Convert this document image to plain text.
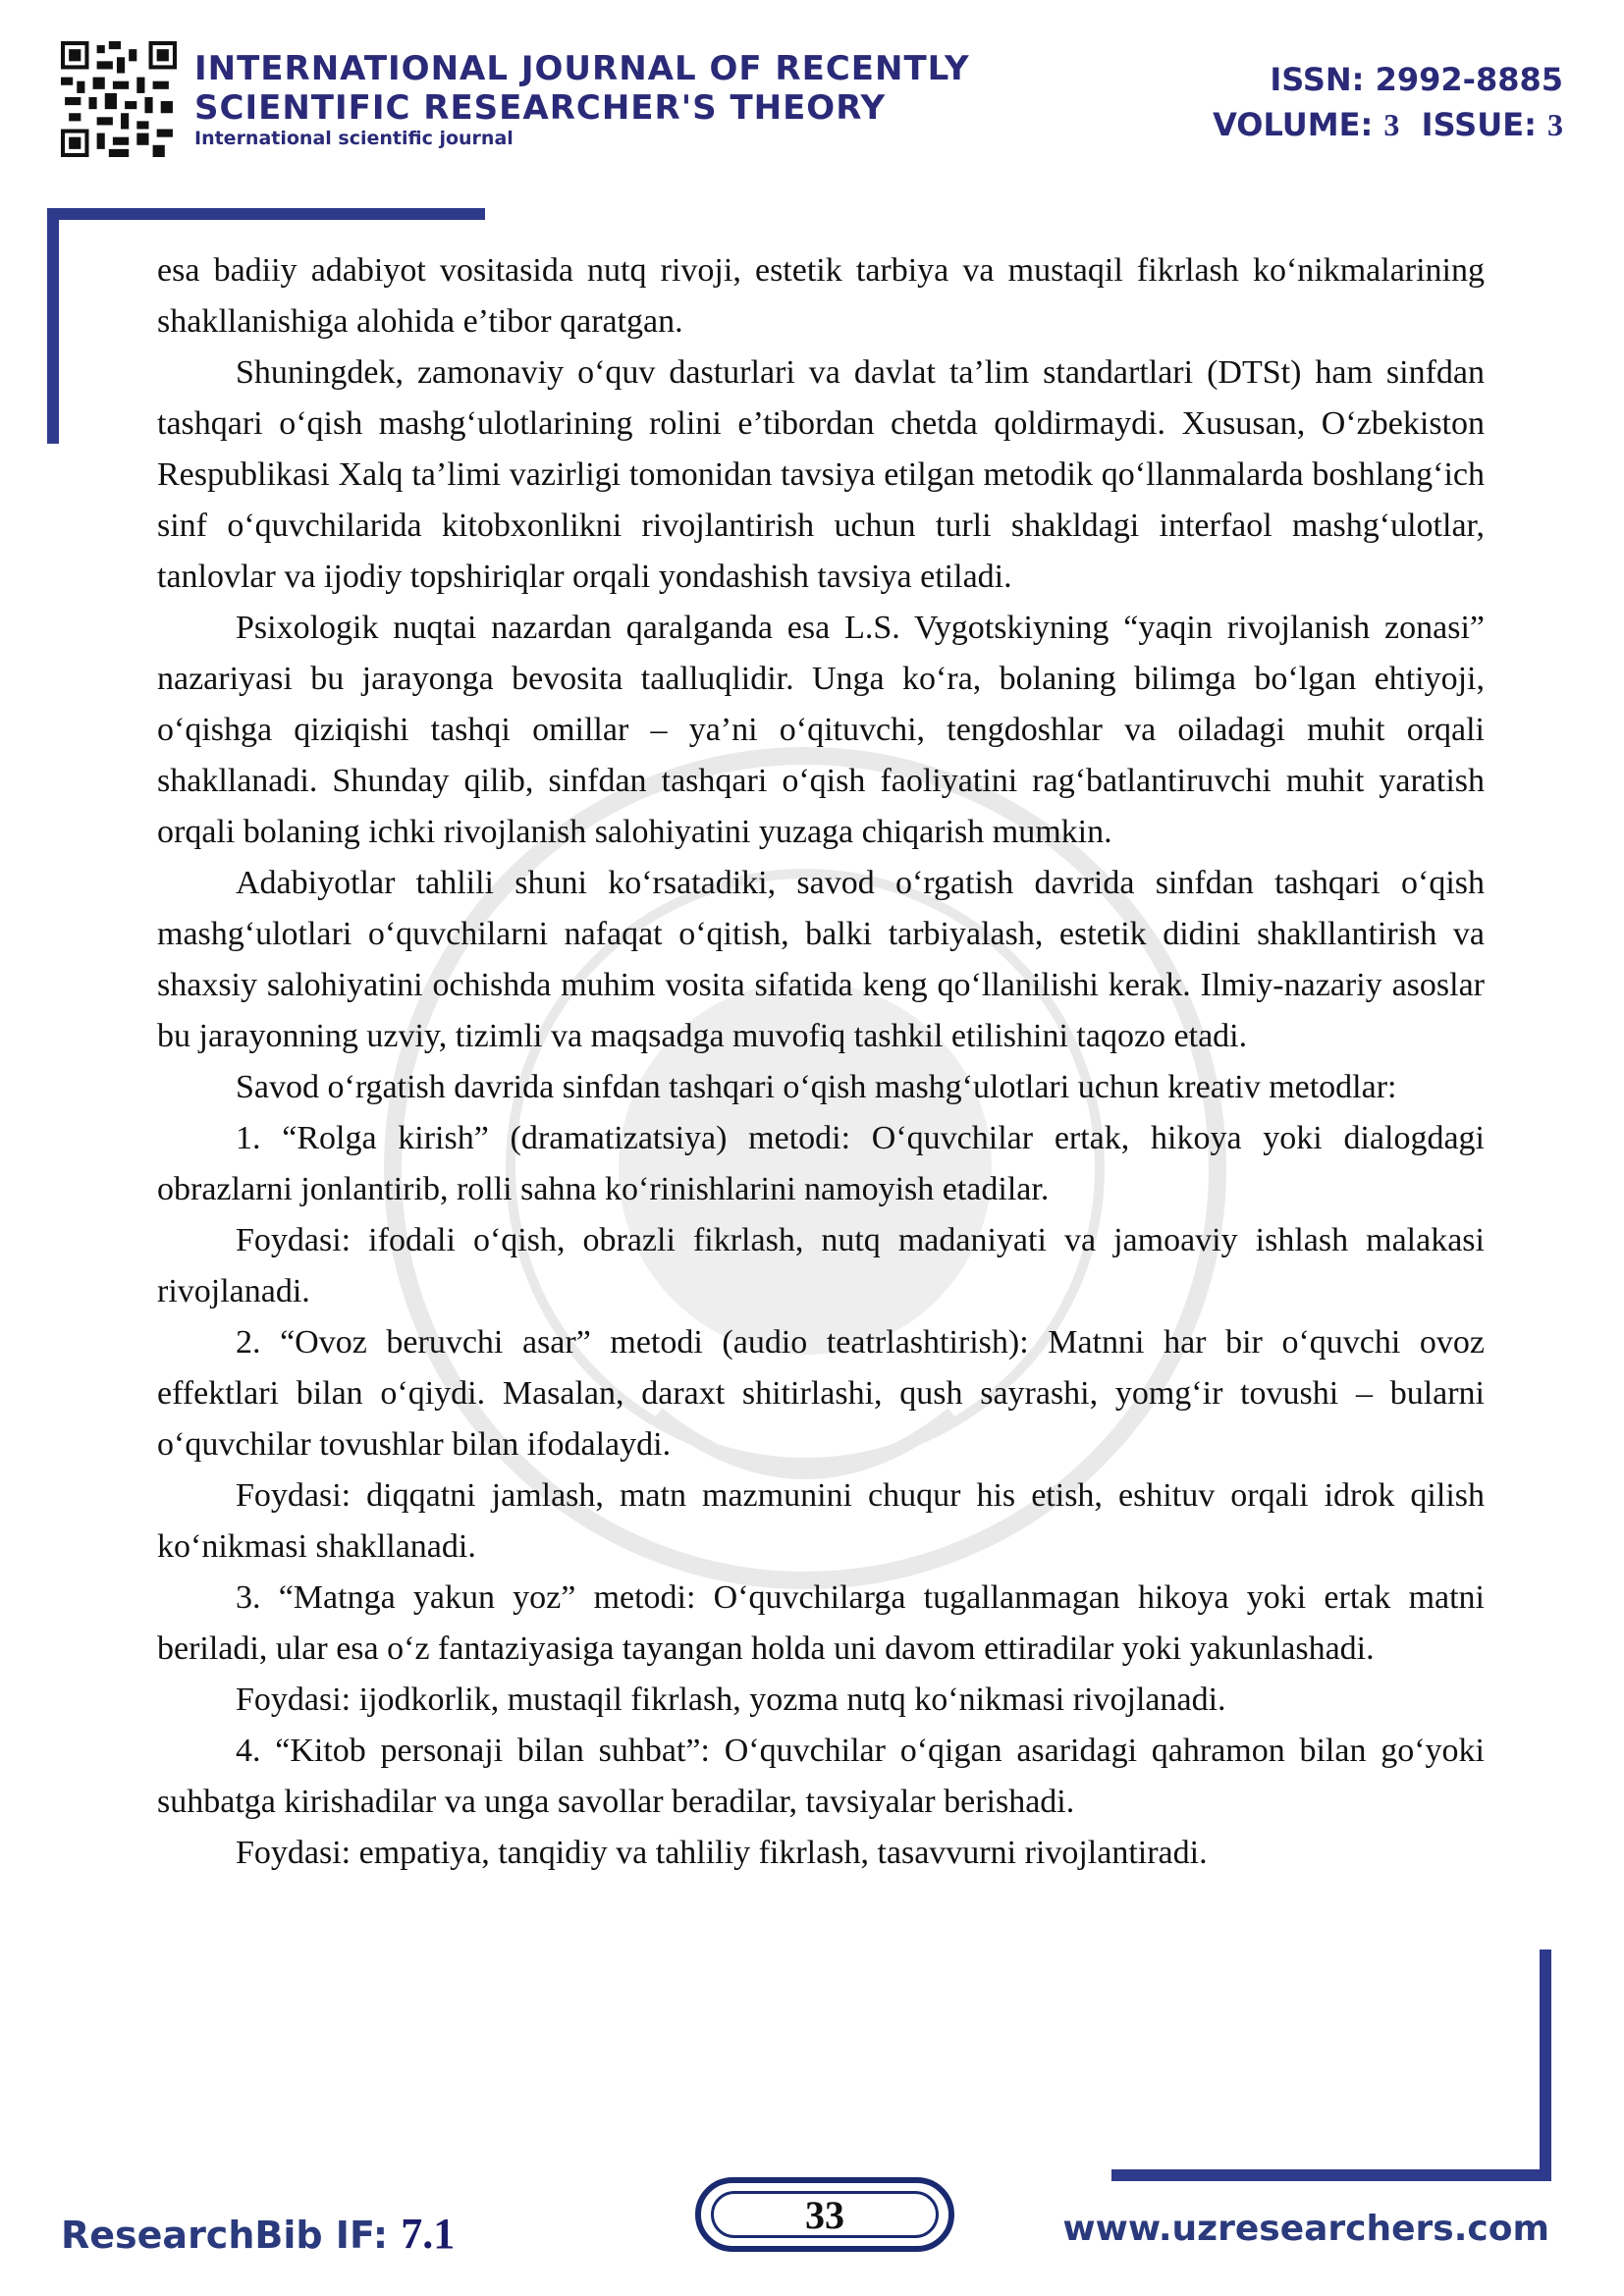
INTERNATIONAL JOURNAL OF RECENTLY
SCIENTIFIC RESEARCHER'S THEORY
International scientific journal
ISSN: 2992-8885
VOLUME: 3 ISSUE: 3

esa badiiy adabiyot vositasida nutq rivoji, estetik tarbiya va mustaqil fikrlash ko‘nikmalarining shakllanishiga alohida e’tibor qaratgan.

Shuningdek, zamonaviy o‘quv dasturlari va davlat ta’lim standartlari (DTSt) ham sinfdan tashqari o‘qish mashg‘ulotlarining rolini e’tibordan chetda qoldirmaydi. Xususan, O‘zbekiston Respublikasi Xalq ta’limi vazirligi tomonidan tavsiya etilgan metodik qo‘llanmalarda boshlang‘ich sinf o‘quvchilarida kitobxonlikni rivojlantirish uchun turli shakldagi interfaol mashg‘ulotlar, tanlovlar va ijodiy topshiriqlar orqali yondashish tavsiya etiladi.

Psixologik nuqtai nazardan qaralganda esa L.S. Vygotskiyning “yaqin rivojlanish zonasi” nazariyasi bu jarayonga bevosita taalluqlidir. Unga ko‘ra, bolaning bilimga bo‘lgan ehtiyoji, o‘qishga qiziqishi tashqi omillar – ya’ni o‘qituvchi, tengdoshlar va oiladagi muhit orqali shakllanadi. Shunday qilib, sinfdan tashqari o‘qish faoliyatini rag‘batlantiruvchi muhit yaratish orqali bolaning ichki rivojlanish salohiyatini yuzaga chiqarish mumkin.

Adabiyotlar tahlili shuni ko‘rsatadiki, savod o‘rgatish davrida sinfdan tashqari o‘qish mashg‘ulotlari o‘quvchilarni nafaqat o‘qitish, balki tarbiyalash, estetik didini shakllantirish va shaxsiy salohiyatini ochishda muhim vosita sifatida keng qo‘llanilishi kerak. Ilmiy-nazariy asoslar bu jarayonning uzviy, tizimli va maqsadga muvofiq tashkil etilishini taqozo etadi.

Savod o‘rgatish davrida sinfdan tashqari o‘qish mashg‘ulotlari uchun kreativ metodlar:

1. “Rolga kirish” (dramatizatsiya) metodi: O‘quvchilar ertak, hikoya yoki dialogdagi obrazlarni jonlantirib, rolli sahna ko‘rinishlarini namoyish etadilar.

Foydasi: ifodali o‘qish, obrazli fikrlash, nutq madaniyati va jamoaviy ishlash malakasi rivojlanadi.

2. “Ovoz beruvchi asar” metodi (audio teatrlashtirish): Matnni har bir o‘quvchi ovoz effektlari bilan o‘qiydi. Masalan, daraxt shitirlashi, qush sayrashi, yomg‘ir tovushi – bularni o‘quvchilar tovushlar bilan ifodalaydi.

Foydasi: diqqatni jamlash, matn mazmunini chuqur his etish, eshituv orqali idrok qilish ko‘nikmasi shakllanadi.

3. “Matnga yakun yoz” metodi: O‘quvchilarga tugallanmagan hikoya yoki ertak matni beriladi, ular esa o‘z fantaziyasiga tayangan holda uni davom ettiradilar yoki yakunlashadi.

Foydasi: ijodkorlik, mustaqil fikrlash, yozma nutq ko‘nikmasi rivojlanadi.

4. “Kitob personaji bilan suhbat”: O‘quvchilar o‘qigan asaridagi qahramon bilan go‘yoki suhbatga kirishadilar va unga savollar beradilar, tavsiyalar berishadi.

Foydasi: empatiya, tanqidiy va tahliliy fikrlash, tasavvurni rivojlantiradi.

ResearchBib IF: 7.1	33	www.uzresearchers.com
